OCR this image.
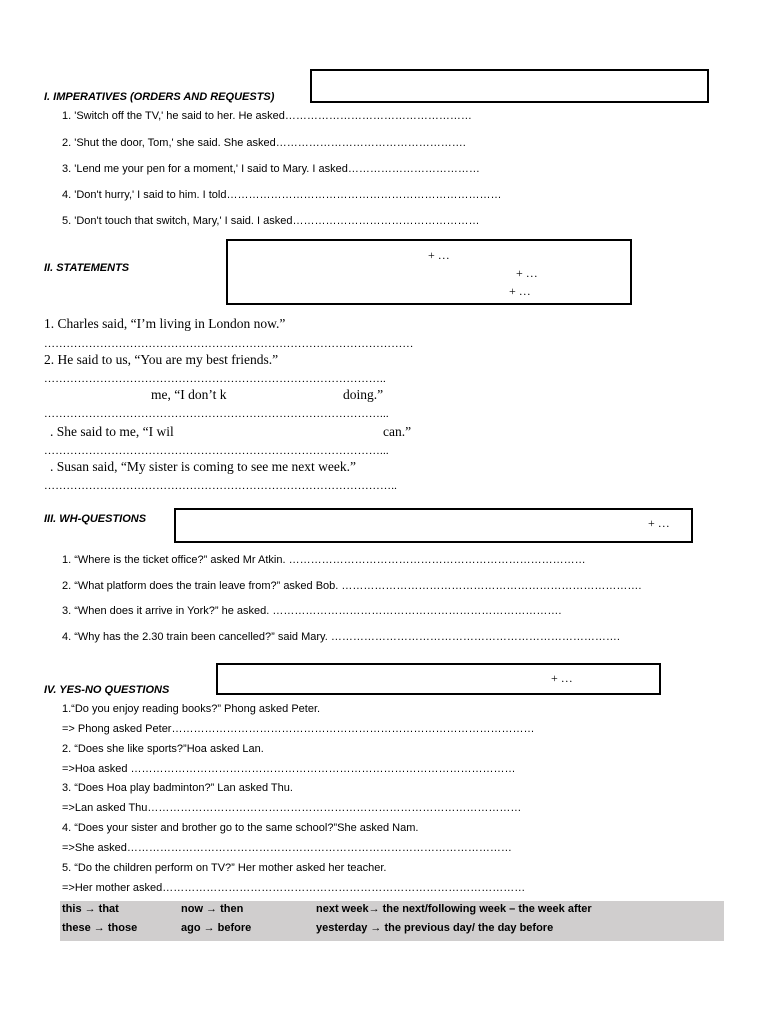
I. IMPERATIVES (ORDERS AND REQUESTS)
1. 'Switch off the TV,' he said to her. He asked……………………………………………
2. 'Shut the door, Tom,' she said. She asked…………………………………………….
3. 'Lend me your pen for a moment,' I said to Mary. I asked………………………………
4. 'Don't hurry,' I said to him. I told…………………………………………………………………
5. 'Don't touch that switch, Mary,' I said. I asked……………………………………………
II. STATEMENTS
+ …
+ …
+ …
1. Charles said, “I’m living in London now.”
………………………………………………………………………………………
2. He said to us, “You are my best friends.”
………………………………………………………………………………..
me, “I don’t k	doing.”
………………………………………………………………………………...
. She said to me, “I wil	can.”
………………………………………………………………………………...
. Susan said, “My sister is coming to see me next week.”
…………………………………………………………………………………..
III. WH-QUESTIONS	+ …
1. “Where is the ticket office?” asked Mr Atkin. ………………………………………………………………………
2. “What platform does the train leave from?” asked Bob. ……………………………………………………………………….
3. “When does it arrive in York?” he asked. …………………………………………………………………….
4. “Why has the 2.30 train been cancelled?” said Mary. …………………………………………………………………….
IV. YES-NO QUESTIONS
+ …
1.“Do you enjoy reading books?” Phong asked Peter.
=> Phong asked Peter………………………………………………………………………………………
2. “Does she like sports?”Hoa asked Lan.
=>Hoa asked ……………………………………………………………………………………………
3. “Does Hoa play badminton?” Lan asked Thu.
=>Lan asked Thu…………………………………………………………………………………………
4. “Does your sister and brother go to the same school?”She asked Nam.
=>She asked……………………………………………………………………………………………
5. “Do the children perform on TV?” Her mother asked her teacher.
=>Her mother asked………………………………………………………………………………………
this → that	now → then	next week→ the next/following week – the week after
these → those	ago → before	yesterday → the previous day/ the day before
